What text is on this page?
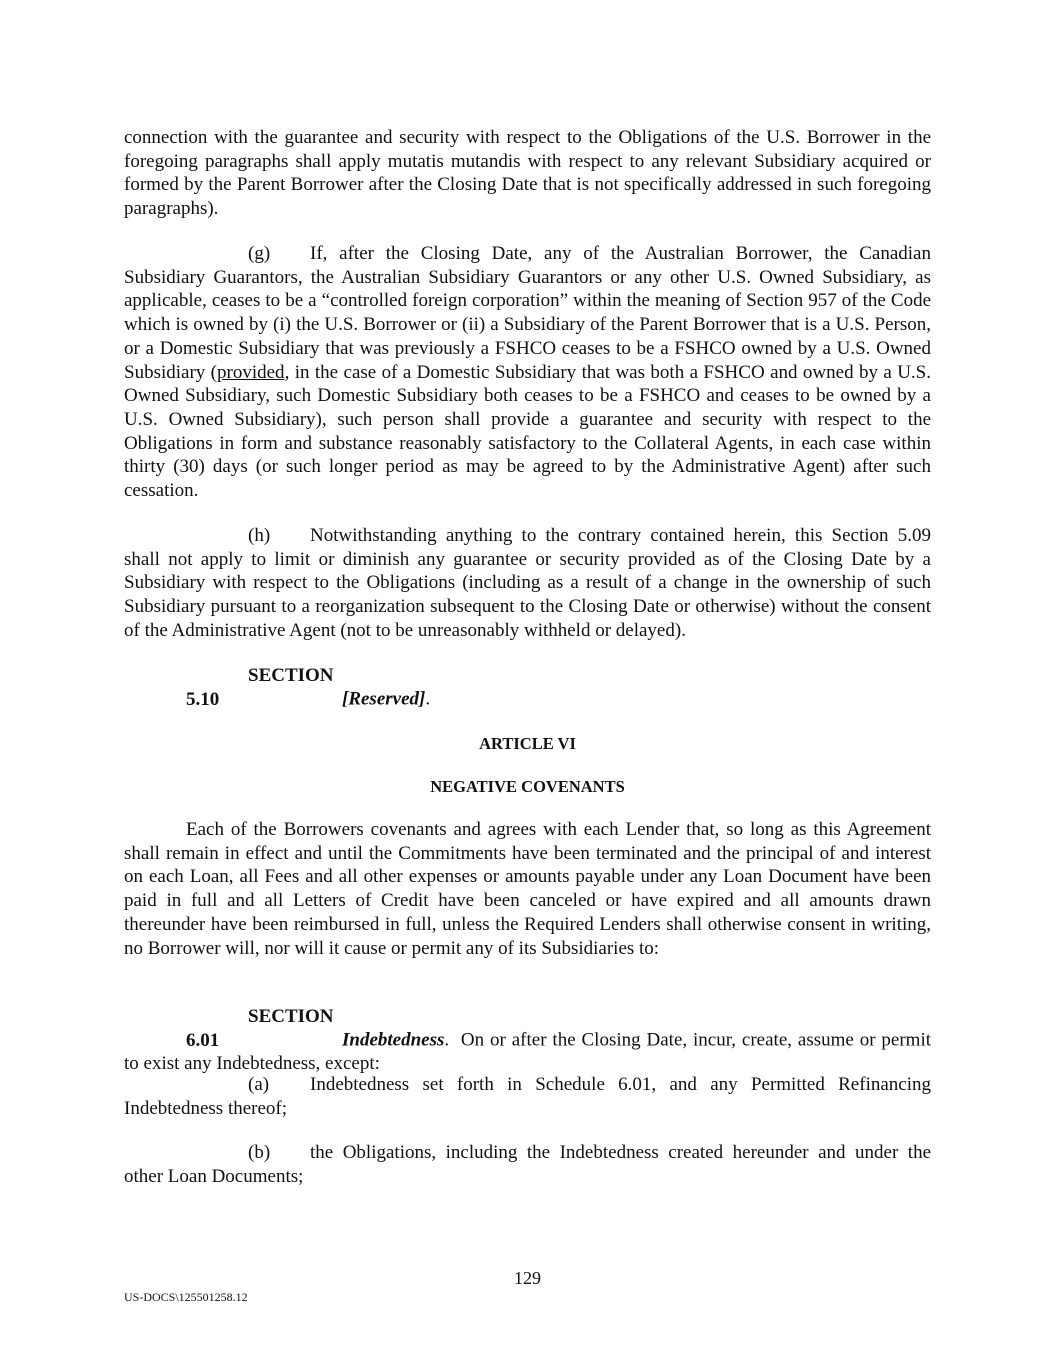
connection with the guarantee and security with respect to the Obligations of the U.S. Borrower in the foregoing paragraphs shall apply mutatis mutandis with respect to any relevant Subsidiary acquired or formed by the Parent Borrower after the Closing Date that is not specifically addressed in such foregoing paragraphs).

(g) If, after the Closing Date, any of the Australian Borrower, the Canadian Subsidiary Guarantors, the Australian Subsidiary Guarantors or any other U.S. Owned Subsidiary, as applicable, ceases to be a “controlled foreign corporation” within the meaning of Section 957 of the Code which is owned by (i) the U.S. Borrower or (ii) a Subsidiary of the Parent Borrower that is a U.S. Person, or a Domestic Subsidiary that was previously a FSHCO ceases to be a FSHCO owned by a U.S. Owned Subsidiary (provided, in the case of a Domestic Subsidiary that was both a FSHCO and owned by a U.S. Owned Subsidiary, such Domestic Subsidiary both ceases to be a FSHCO and ceases to be owned by a U.S. Owned Subsidiary), such person shall provide a guarantee and security with respect to the Obligations in form and substance reasonably satisfactory to the Collateral Agents, in each case within thirty (30) days (or such longer period as may be agreed to by the Administrative Agent) after such cessation.

(h) Notwithstanding anything to the contrary contained herein, this Section 5.09 shall not apply to limit or diminish any guarantee or security provided as of the Closing Date by a Subsidiary with respect to the Obligations (including as a result of a change in the ownership of such Subsidiary pursuant to a reorganization subsequent to the Closing Date or otherwise) without the consent of the Administrative Agent (not to be unreasonably withheld or delayed).

SECTION 5.10	[Reserved].

ARTICLE VI

NEGATIVE COVENANTS

Each of the Borrowers covenants and agrees with each Lender that, so long as this Agreement shall remain in effect and until the Commitments have been terminated and the principal of and interest on each Loan, all Fees and all other expenses or amounts payable under any Loan Document have been paid in full and all Letters of Credit have been canceled or have expired and all amounts drawn thereunder have been reimbursed in full, unless the Required Lenders shall otherwise consent in writing, no Borrower will, nor will it cause or permit any of its Subsidiaries to:

SECTION 6.01	Indebtedness. On or after the Closing Date, incur, create, assume or permit to exist any Indebtedness, except:

(a) Indebtedness set forth in Schedule 6.01, and any Permitted Refinancing Indebtedness thereof;

(b) the Obligations, including the Indebtedness created hereunder and under the other Loan Documents;

129

US-DOCS\125501258.12
